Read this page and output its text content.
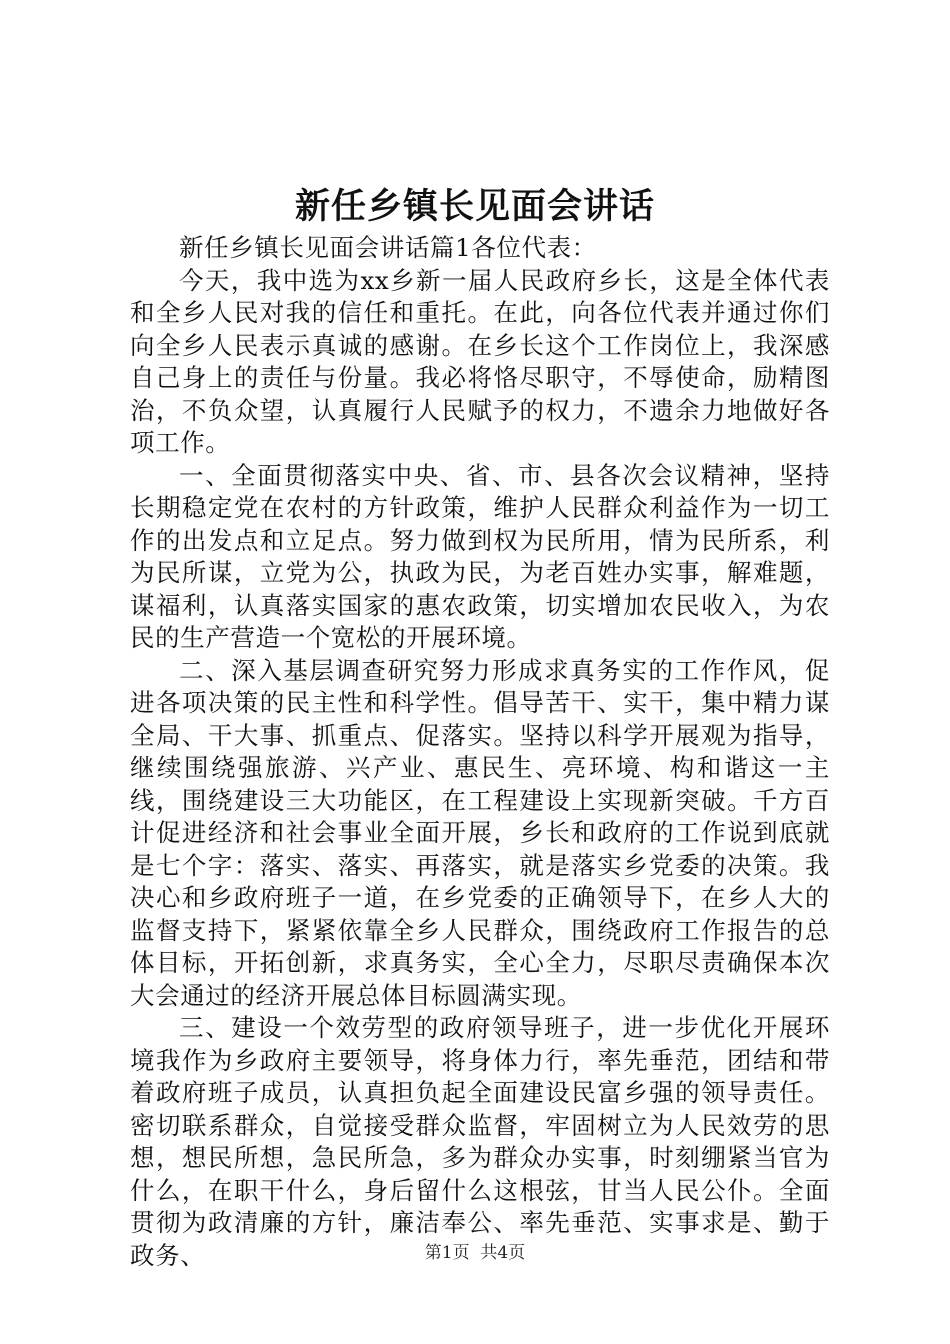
新任乡镇长见面会讲话

新任乡镇长见面会讲话篇1各位代表：

今天，我中选为xx乡新一届人民政府乡长，这是全体代表和全乡人民对我的信任和重托。在此，向各位代表并通过你们向全乡人民表示真诚的感谢。在乡长这个工作岗位上，我深感自己身上的责任与份量。我必将恪尽职守，不辱使命，励精图治，不负众望，认真履行人民赋予的权力，不遗余力地做好各项工作。

一、全面贯彻落实中央、省、市、县各次会议精神，坚持长期稳定党在农村的方针政策，维护人民群众利益作为一切工作的出发点和立足点。努力做到权为民所用，情为民所系，利为民所谋，立党为公，执政为民，为老百姓办实事，解难题，谋福利，认真落实国家的惠农政策，切实增加农民收入，为农民的生产营造一个宽松的开展环境。

二、深入基层调查研究努力形成求真务实的工作作风，促进各项决策的民主性和科学性。倡导苦干、实干，集中精力谋全局、干大事、抓重点、促落实。坚持以科学开展观为指导，继续围绕强旅游、兴产业、惠民生、亮环境、构和谐这一主线，围绕建设三大功能区，在工程建设上实现新突破。千方百计促进经济和社会事业全面开展，乡长和政府的工作说到底就是七个字：落实、落实、再落实，就是落实乡党委的决策。我决心和乡政府班子一道，在乡党委的正确领导下，在乡人大的监督支持下，紧紧依靠全乡人民群众，围绕政府工作报告的总体目标，开拓创新，求真务实，全心全力，尽职尽责确保本次大会通过的经济开展总体目标圆满实现。

三、建设一个效劳型的政府领导班子，进一步优化开展环境我作为乡政府主要领导，将身体力行，率先垂范，团结和带着政府班子成员，认真担负起全面建设民富乡强的领导责任。密切联系群众，自觉接受群众监督，牢固树立为人民效劳的思想，想民所想，急民所急，多为群众办实事，时刻绷紧当官为什么，在职干什么，身后留什么这根弦，甘当人民公仆。全面贯彻为政清廉的方针，廉洁奉公、率先垂范、实事求是、勤于政务、	第1页 共4页
